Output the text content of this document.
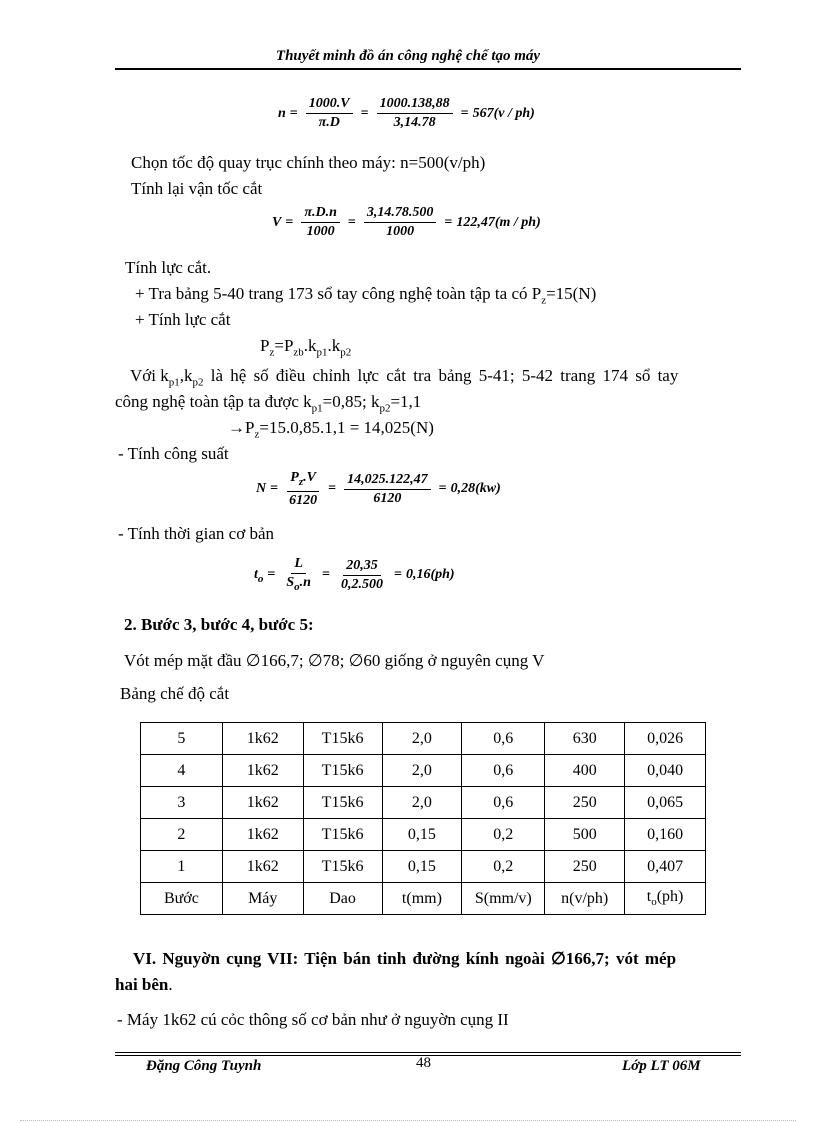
Thuyết minh đồ án công nghệ chế tạo máy
$n = \frac{1000.V}{\pi.D} = \frac{1000.138,88}{3,14.78} = 567(v / ph)$
Chọn tốc độ quay trục chính theo máy: n=500(v/ph)
Tính lại vận tốc cắt
$V = \frac{\pi.D.n}{1000} = \frac{3,14.78.500}{1000} = 122,47(m / ph)$
Tính lực cắt.
+ Tra bảng 5-40 trang 173 sổ tay công nghệ toàn tập ta có $P_z=15(N)$
+ Tính lực cắt
$P_z=P_{zb}.k_{p1}.k_{p2}$
Với $k_{p1},k_{p2}$ là hệ số điều chỉnh lực cắt tra bảng 5-41; 5-42 trang 174 sổ tay
công nghệ toàn tập ta được $k_{p1}=0,85$; $k_{p2}=1,1$
$\to P_z=15.0,85.1,1 = 14,025(N)$
- Tính công suất
$N = \frac{P_z.V}{6120} = \frac{14,025.122,47}{6120} = 0,28(kw)$
- Tính thời gian cơ bản
$t_o = \frac{L}{S_o.n} = \frac{20,35}{0,2.500} = 0,16(ph)$
2. Bước 3, bước 4, bước 5:
Vót mép mặt đầu ∅166,7; ∅78; ∅60 giống ở nguyên cụng V
Bảng chế độ cắt
5	1k62	T15k6	2,0	0,6	630	0,026
4	1k62	T15k6	2,0	0,6	400	0,040
3	1k62	T15k6	2,0	0,6	250	0,065
2	1k62	T15k6	0,15	0,2	500	0,160
1	1k62	T15k6	0,15	0,2	250	0,407
Bước	Máy	Dao	t(mm)	S(mm/v)	n(v/ph)	$t_o(ph)$
VI. Nguyờn cụng VII: Tiện bán tinh đường kính ngoài ∅166,7; vót mép
hai bên.
- Máy 1k62 cú cỏc thông số cơ bản như ở nguyờn cụng II
Đặng Công Tuynh	48	Lớp LT 06M
